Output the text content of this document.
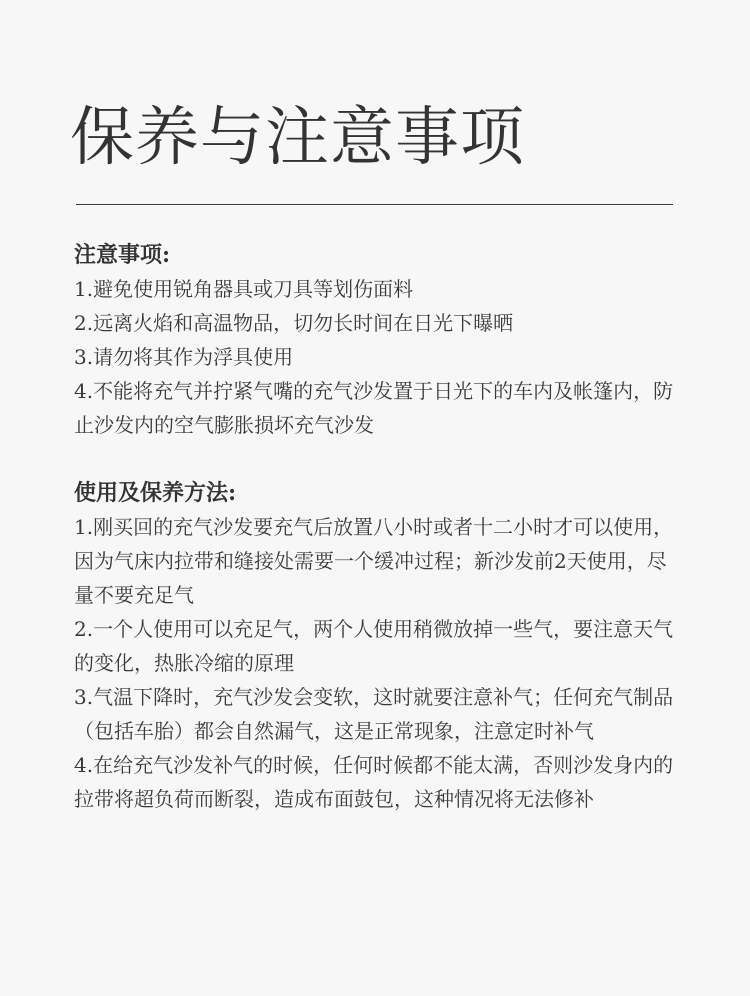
保养与注意事项
注意事项:
1.避免使用锐角器具或刀具等划伤面料
2.远离火焰和高温物品，切勿长时间在日光下曝晒
3.请勿将其作为浮具使用
4.不能将充气并拧紧气嘴的充气沙发置于日光下的车内及帐篷内，防止沙发内的空气膨胀损坏充气沙发
使用及保养方法:
1.刚买回的充气沙发要充气后放置八小时或者十二小时才可以使用，因为气床内拉带和缝接处需要一个缓冲过程；新沙发前2天使用，尽量不要充足气
2.一个人使用可以充足气，两个人使用稍微放掉一些气，要注意天气的变化，热胀冷缩的原理
3.气温下降时，充气沙发会变软，这时就要注意补气；任何充气制品（包括车胎）都会自然漏气，这是正常现象，注意定时补气
4.在给充气沙发补气的时候，任何时候都不能太满，否则沙发身内的拉带将超负荷而断裂，造成布面鼓包，这种情况将无法修补
